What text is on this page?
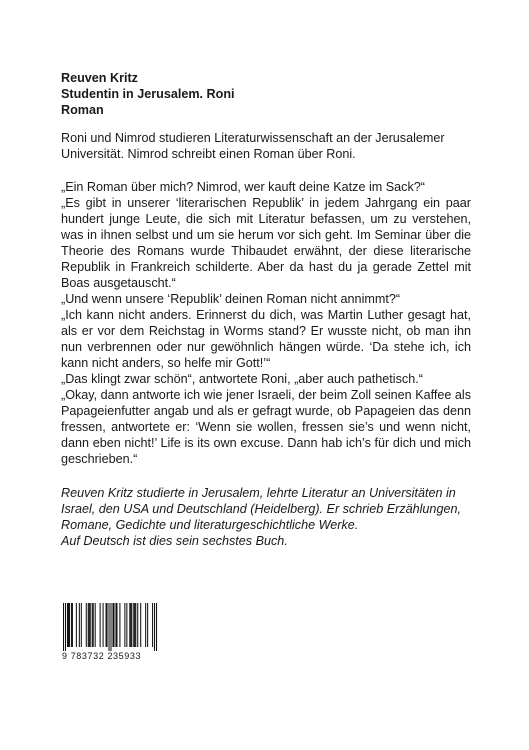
Reuven Kritz
Studentin in Jerusalem. Roni
Roman

Roni und Nimrod studieren Literaturwissenschaft an der Jerusalemer Universität. Nimrod schreibt einen Roman über Roni.

„Ein Roman über mich? Nimrod, wer kauft deine Katze im Sack?“

„Es gibt in unserer ‘literarischen Republik’ in jedem Jahrgang ein paar hundert junge Leute, die sich mit Literatur befassen, um zu verstehen, was in ihnen selbst und um sie herum vor sich geht. Im Seminar über die Theorie des Romans wurde Thibaudet erwähnt, der diese literarische Republik in Frankreich schilderte. Aber da hast du ja gerade Zettel mit Boas ausgetauscht.“

„Und wenn unsere ‘Republik’ deinen Roman nicht annimmt?“

„Ich kann nicht anders. Erinnerst du dich, was Martin Luther gesagt hat, als er vor dem Reichstag in Worms stand? Er wusste nicht, ob man ihn nun verbrennen oder nur gewöhnlich hängen würde. ‘Da stehe ich, ich kann nicht anders, so helfe mir Gott!’“

„Das klingt zwar schön“, antwortete Roni, „aber auch pathetisch.“

„Okay, dann antworte ich wie jener Israeli, der beim Zoll seinen Kaffee als Papageienfutter angab und als er gefragt wurde, ob Papageien das denn fressen, antwortete er: ‘Wenn sie wollen, fressen sie’s und wenn nicht, dann eben nicht!’ Life is its own excuse. Dann hab ich’s für dich und mich geschrieben.“

Reuven Kritz studierte in Jerusalem, lehrte Literatur an Universitäten in Israel, den USA und Deutschland (Heidelberg). Er schrieb Erzählungen, Romane, Gedichte und literaturgeschichtliche Werke.

Auf Deutsch ist dies sein sechstes Buch.

9 783732 235933
